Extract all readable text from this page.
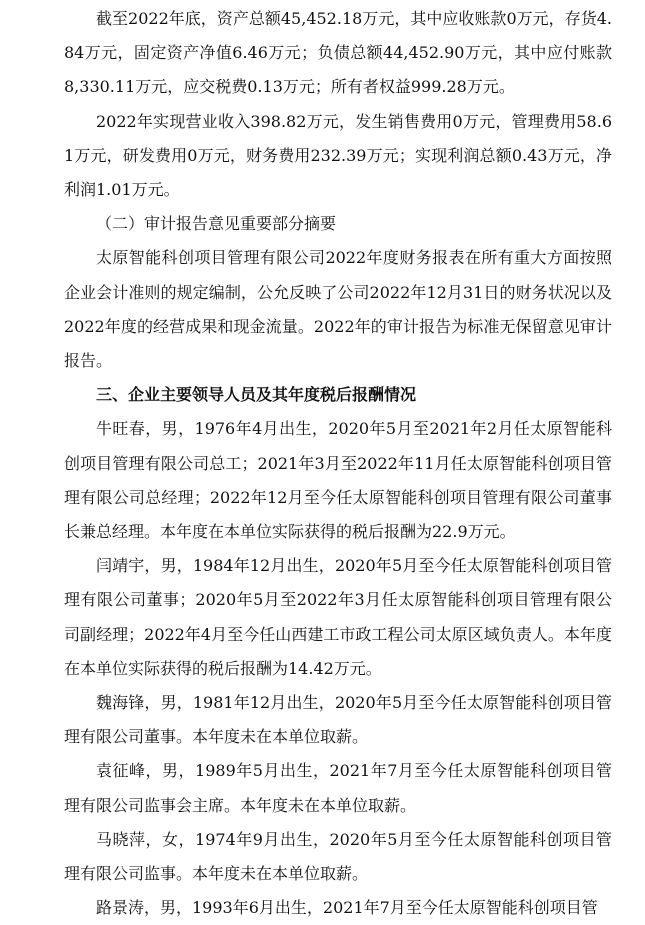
截至2022年底，资产总额45,452.18万元，其中应收账款0万元，存货4.84万元，固定资产净值6.46万元；负债总额44,452.90万元，其中应付账款8,330.11万元，应交税费0.13万元；所有者权益999.28万元。

2022年实现营业收入398.82万元，发生销售费用0万元，管理费用58.61万元，研发费用0万元，财务费用232.39万元；实现利润总额0.43万元，净利润1.01万元。

（二）审计报告意见重要部分摘要

太原智能科创项目管理有限公司2022年度财务报表在所有重大方面按照企业会计准则的规定编制，公允反映了公司2022年12月31日的财务状况以及2022年度的经营成果和现金流量。2022年的审计报告为标准无保留意见审计报告。

三、企业主要领导人员及其年度税后报酬情况

牛旺春，男，1976年4月出生，2020年5月至2021年2月任太原智能科创项目管理有限公司总工；2021年3月至2022年11月任太原智能科创项目管理有限公司总经理；2022年12月至今任太原智能科创项目管理有限公司董事长兼总经理。本年度在本单位实际获得的税后报酬为22.9万元。

闫靖宇，男，1984年12月出生，2020年5月至今任太原智能科创项目管理有限公司董事；2020年5月至2022年3月任太原智能科创项目管理有限公司副经理；2022年4月至今任山西建工市政工程公司太原区域负责人。本年度在本单位实际获得的税后报酬为14.42万元。

魏海锋，男，1981年12月出生，2020年5月至今任太原智能科创项目管理有限公司董事。本年度未在本单位取薪。

袁征峰，男，1989年5月出生，2021年7月至今任太原智能科创项目管理有限公司监事会主席。本年度未在本单位取薪。

马晓萍，女，1974年9月出生，2020年5月至今任太原智能科创项目管理有限公司监事。本年度未在本单位取薪。

路景涛，男，1993年6月出生，2021年7月至今任太原智能科创项目管
